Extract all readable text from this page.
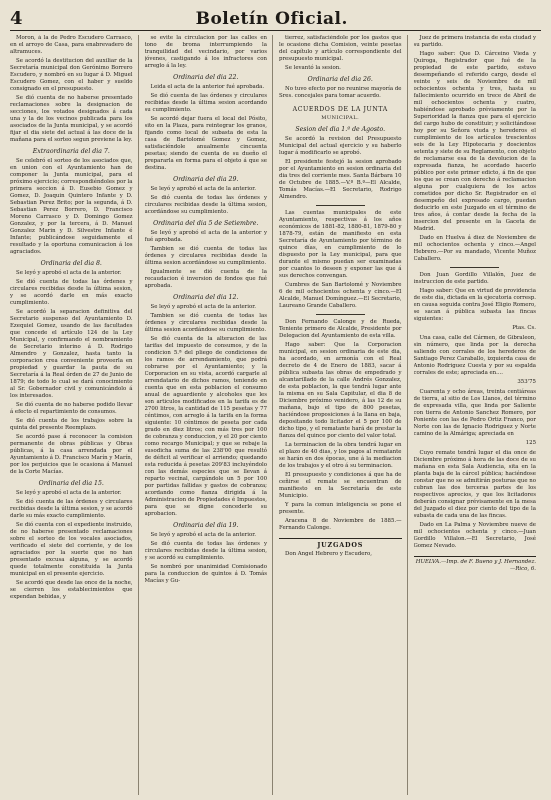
4	Boletín Oficial.

Moron, á la de Pedro Escudero Carrasco, en el arroyo de Casa, para enabrevadero de altramuces.

Se acordó la destitucion del auxiliar de la Secretaría municipal don Gerónimo Borrero Escudero, y nombró en su lugar á D. Miguel Escudero Gomez, con el haber y sueldo consignado en el presupuesto.

Se dió cuenta de no haberse presentado reclamaciones sobre la designacion de secciones, los votados designados á cada una y la de los vecinos publicada para los asociados de la Junta municipal, y se acordó fijar el dia siete del actual á las doce de la mañana para el sorteo segun previene la ley.

Extraordinaria del dia 7.

Se celebró el sorteo de los asociados que, en union con el Ayuntamiento han de componer la Junta municipal, para el próximo ejercicio; correspondiéndoles por la primera seccion á D. Eusebio Gomez y Gomez, D. Joaquin Quintero Infante y D. Sebastian Perez Brito; por la segunda, á D. Sebastian Perez Borrero, D. Francisco Moreno Carrasco y D. Domingo Gomez Gonzalez, y por la tercera, á D. Manuel Gonzalez Marin y D. Silvestre Infante é Infante; publicándose seguidamente el resultado y la oportuna comunicacion á los agraciados.

Ordinaria del dia 8.

Se leyó y aprobó el acta de la anterior.

Se dió cuenta de todas las órdenes y circulares recibidas desde la última sesion, y se acordó darle en más exacto cumplimiento.

Se acordó la separacion definitiva del Secretario suspenso del Ayuntamiento D. Ezequiel Gomez, usando de las facultades que concede el artículo 124 de la Ley Municipal, y confirmando el nombramiento de Secretario interino á D. Rodrigo Almendro y Gonzalez, hasta tanto la corporacion crea conveniente proveerla en propiedad y guardar la pauta de su Secretaría á la Real órden de 27 de Junio de 1879; de todo lo cual se dará conocimiento al Sr. Gobernador civil y comunicándolo á los interesados.

Se dió cuenta de no haberse podido llevar á efecto el repartimiento de consumos.

Se dió cuenta de los trabajos sobre la quinta del presente Reemplazo.

Se acordó pase á reconocer la comision permanente de obras públicas y Obras públicas, á la casa arrendada por el Ayuntamiento á D. Francisco Marín y Marín, por los perjuicios que le ocasiona á Manuel de la Corte Macías.

Ordinaria del dia 15.

Se leyó y aprobó el acta de la anterior.

Se dió cuenta de las órdenes y circulares recibidas desde la última sesion, y se acordó darle su más exacto cumplimiento.

Se dió cuenta con el expediente instruido, de no haberse presentado reclamaciones sobre el sorteo de los vocales asociados, verificado el siete del corriente, y de los agraciados por la suerte que no han presentado excusa alguna, y se acordó quede totalmente constituida la Junta municipal en el presente ejercicio.

Se acordó que desde las once de la noche, se cierren los establecimientos que expendan bebidas, y

se evite la circulacion por las calles en tono de broma interrumpiendo la tranquilidad del vecindario, por varios jóvenes, castigando á los infractores con arreglo á la ley.

Ordinaria del dia 22.

Leida el acta de la anterior fué aprobada.

Se dió cuenta de las órdenes y circulares recibidas desde la última sesion acordando su cumplimiento.

Se acordó dejar fuera el local del Pósito, sito en la Plaza, para reintegrar los granos, fijando como local de subasta de esta la casa de Bartolomé Gomez y Gomez, satisfaciéndole anualmente cincuenta pesetas; siendo de cuenta de su dueño el prepararla en forma para el objeto á que se destina.

Ordinaria del dia 29.

Se leyó y aprobó el acta de la anterior.

Se dió cuenta de todas las órdenes y circulares recibidas desde la última sesion, acordándose su cumplimiento.

Ordinaria del dia 5 de Setiembre.

Se leyó y aprobó el acta de la anterior y fué aprobada.

Tambien se dió cuenta de todas las órdenes y circulares recibidas desde la última sesion acordándose su cumplimiento.

Igualmente se dió cuenta de la recaudacion é inversion de fondos que fué aprobada.

Ordinaria del dia 12.

Se leyó y aprobó el acta de la anterior.

Tambien se dió cuenta de todas las órdenes y circulares recibidas desde la última sesion acordándose su cumplimiento.

Se dió cuenta de la alteracion de las tarifas del impuesto de consumos, y de la condicion 5.ª del pliego de condiciones de los ramos de arrendamiento, que podrá cobrarse por el Ayuntamiento; y la Corporacion en su vista, acordó cargarle al arrendatario de dichos ramos, teniendo en cuenta que en esta poblacion el consumo anual de aguardiente y alcoholes que les son articulos modificados en la tarifa es de 2700 litros, la cantidad de 115 pesetas y 77 céntimos, con arreglo á la tarifa en la forma siguiente: 10 céntimos de peseta por cada grado en diez litros; con más tres por 100 de cobranza y conduccion, y el 20 por ciento como recargo Municipal; y que se rebaje la susodicha suma de las 238'00 que resultó de déficit al verificar el arriendo; quedando esta reducida á pesetas 209'83 incluyéndolo con las demás especies que se llevan á reparto vecinal, cargándole un 5 por 100 por partidas fallidas y gastos de cobranza; acordando como fianza dirigida á la Administracion de Propiedades é Impuestos, para que se digne concederle su aprobacion.

Ordinaria del dia 19.

Se leyó y aprobó el acta de la anterior.

Se dió cuenta de todas las órdenes y circulares recibidas desde la última sesion, y se acordó su cumplimiento.

Se nombró por unanimidad Comisionado para la conduccion de quintos á D. Tomás Macías y Gu-

tierrez, satisfaciéndole por los gastos que le ocasione dicha Comision, veinte pesetas del capítulo y artículo correspondiente del presupuesto municipal.

Se levantó la sesion.

Ordinaria del dia 26.

No tuvo efecto por no reunirse mayoría de Sres. concejales para tomar acuerdo.

ACUERDOS DE LA JUNTA

MUNICIPAL.

Sesion del dia 1.º de Agosto.

Se acordó la revision del Presupuesto Municipal del actual ejercicio y su haberlo lugar á modificarlo se aprobó.

El presidente festejó la sesion aprobado por el Ayuntamiento en sesion ordinaria del dia tres del corriente mes. Santa Bárbara 10 de Octubre de 1885.—V.º B.º—El Alcalde, Tomás Macías.—El Secretario, Rodrigo Almendro.

Las cuentas municipales de este Ayuntamiento, respectivas á los años económicos de 1881-82, 1880-81, 1879-80 y 1878-79, están de manifiesto en esta Secretaría de Ayuntamiento por término de quince días, en cumplimiento de lo dispuesto por la Ley municipal, para que durante el mismo puedan ser examinadas por cuantos lo deseen y exponer las que á sus derechos convengan.

Cumbres de San Bartolomé y Noviembre 6 de mil ochocientos ochenta y cinco.—El Alcalde, Manuel Domínguez.—El Secretario, Laureano Grande Caballero.

Don Fernando Calonge y de Rueda, Teniente primero de Alcalde, Presidente por Delegacion del Ayuntamiento de esta villa.

Hago saber: Que la Corporacion municipal, en sesion ordinaria de este dia, ha acordado, en armonía con el Real decreto de 4 de Enero de 1883, sacar á pública subasta las obras de empedrado y alcantarillado de la calle Andrés Gonzalez, de esta poblacion, la que tendrá lugar ante la misma en su Sala Capitular, el dia 8 de Diciembre próximo venidero, á las 12 de su mañana, bajo el tipo de 800 pesetas, haciéndose proposiciones á la llana en baja, depositando todo licitador el 5 por 100 de dicho tipo, y el rematante hará de prestar la fianza del quince por ciento del valor total.

La terminacion de la obra tendrá lugar en el plazo de 40 dias, y los pagos al rematante se harán en dos épocas, une á la mediacion de los trabajos y el otro á su terminacion.

El presupuesto y condiciones á que ha de ceñirse el remate se encuentran de manifiesto en la Secretaría de este Municipio.

Y para la comun inteligencia se pone el presente.

Aracena 8 de Noviembre de 1885.—Fernando Calonge.

JUZGADOS

Don Angel Hebrero y Escudero,

Juez de primera instancia de esta ciudad y su partido.

Hago saber: Que D. Cárceino Vieda y Quiroga, Registrador que fué de la propiedad de este partido, estuvo desempeñando el referido cargo, desde el veinte y seis de Noviembre de mil ochocientos ochenta y tres, hasta su fallecimiento ocurrido en trece de Abril de mil ochocientos ochenta y cuatro, habiéndose aprobado préviamente por la Superioridad la fianza que para el ejercicio del cargo hubo de constituir; y solicitándose hoy por su Señora viuda y herederos el cumplimiento de los artículos trescientos seis de la Ley Hipotecaria y doscientos setenta y siete de su Reglamento, con objeto de reclamarse esa de la devolucion de la expresada fianza, he acordado hacerlo público por este primer edicto, á fin de que los que se crean con derecho á reclamacion alguna por cualquiera de los actos cometidos por dicho Sr. Registrador en el desempeño del expresado cargo, puedan deducirlo en este Juzgado en el término de tres años, á contar desde la fecha de la insercion del presente en la Gaceta de Madrid.

Dado en Huelva á diez de Noviembre de mil ochocientos ochenta y cinco.—Angel Hebrero.—Por su mandado, Vicente Muñoz Caballero.

Don Juan Gordillo Villalón, Juez de instruccion de este partido.

Hago saber: Que en virtud de providencia de este dia, dictada en la ejecutoria corresp. en causa seguida contra José Eligio Romero, se sacan á pública subasta las fincas siguientes:

Ptas. Cs.

Una casa, calle del Cármen, de Gibraleon, sin número, que linda por la derecha saliendo con corrales de los herederos de Santiago Perez Caraballo, izquierda casa de Antonio Rodriguez Cuesta y por su espalda corrales de este; apreciada en....

353'75

Cuarenta y ocho áreas, treinta centiáreas de tierra, al sitio de Los Llanos, del término de expresada villa, que linda por Saliente con tierra de Antonio Sanchez Romero, por Poniente con las de Pedro Ortiz Franco, por Norte con las de Ignacio Rodriguez y Norte camino de la Almáriga; apreciada en

125

Cuyo remate tendrá lugar el dia once de Diciembre próximo á hora de las doce de su mañana en esta Sala Audiencia, sita en la planta baja de la cárcel pública; haciéndose constar que no se admitirán posturas que no cubran las dos terceras partes de los respectivos aprecios, y que los licitadores deberán consignar prévisamente en la mesa del Juzgado el diez por ciento del tipo de la subasta de cada una de las fincas.

Dado en La Palma y Noviembre nueve de mil ochocientos ochenta y cinco.—Juan Gordillo Villalon.—El Secretario, José Gomez Nevado.

HUELVA.—Imp. de F. Bueno y J. Hernandez.—Rico, 6.
